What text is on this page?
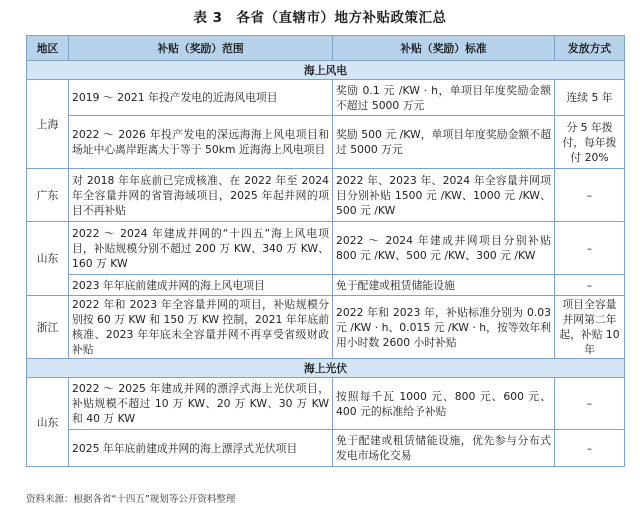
表 3　各省（直辖市）地方补贴政策汇总
地区	补贴（奖励）范围	补贴（奖励）标准	发放方式
海上风电			
上海	2019 ～ 2021 年投产发电的近海风电项目	奖励 0.1 元 /KW · h，单项目年度奖励金额不超过 5000 万元	连续 5 年
	2022 ～ 2026 年投产发电的深远海海上风电项目和场址中心离岸距离大于等于 50km 近海海上风电项目	奖励 500 元 /KW，单项目年度奖励金额不超过 5000 万元	分 5 年拨付，每年拨付 20%
广东	对 2018 年年底前已完成核准、在 2022 年至 2024 年全容量并网的省管海域项目，2025 年起并网的项目不再补贴	2022 年、2023 年、2024 年全容量并网项目分别补贴 1500 元 /KW、1000 元 /KW、500 元 /KW	–
山东	2022 ～ 2024 年建成并网的“十四五”海上风电项目，补贴规模分别不超过 200 万 KW、340 万 KW、160 万 KW	2022 ～ 2024 年建成并网项目分别补贴 800 元 /KW、500 元 /KW、300 元 /KW	–
	2023 年年底前建成并网的海上风电项目	免于配建或租赁储能设施	–
浙江	2022 年和 2023 年全容量并网的项目，补贴规模分别按 60 万 KW 和 150 万 KW 控制，2021 年年底前核准、2023 年年底未全容量并网不再享受省级财政补贴	2022 年和 2023 年，补贴标准分别为 0.03 元 /KW · h、0.015 元 /KW · h，按等效年利用小时数 2600 小时补贴	项目全容量并网第二年起，补贴 10 年
海上光伏			
山东	2022 ～ 2025 年建成并网的漂浮式海上光伏项目，补贴规模不超过 10 万 KW、20 万 KW、30 万 KW 和 40 万 KW	按照每千瓦 1000 元、800 元、600 元、400 元的标准给予补贴	–
	2025 年年底前建成并网的海上漂浮式光伏项目	免于配建或租赁储能设施，优先参与分布式发电市场化交易	–
资料来源：根据各省“十四五”规划等公开资料整理
